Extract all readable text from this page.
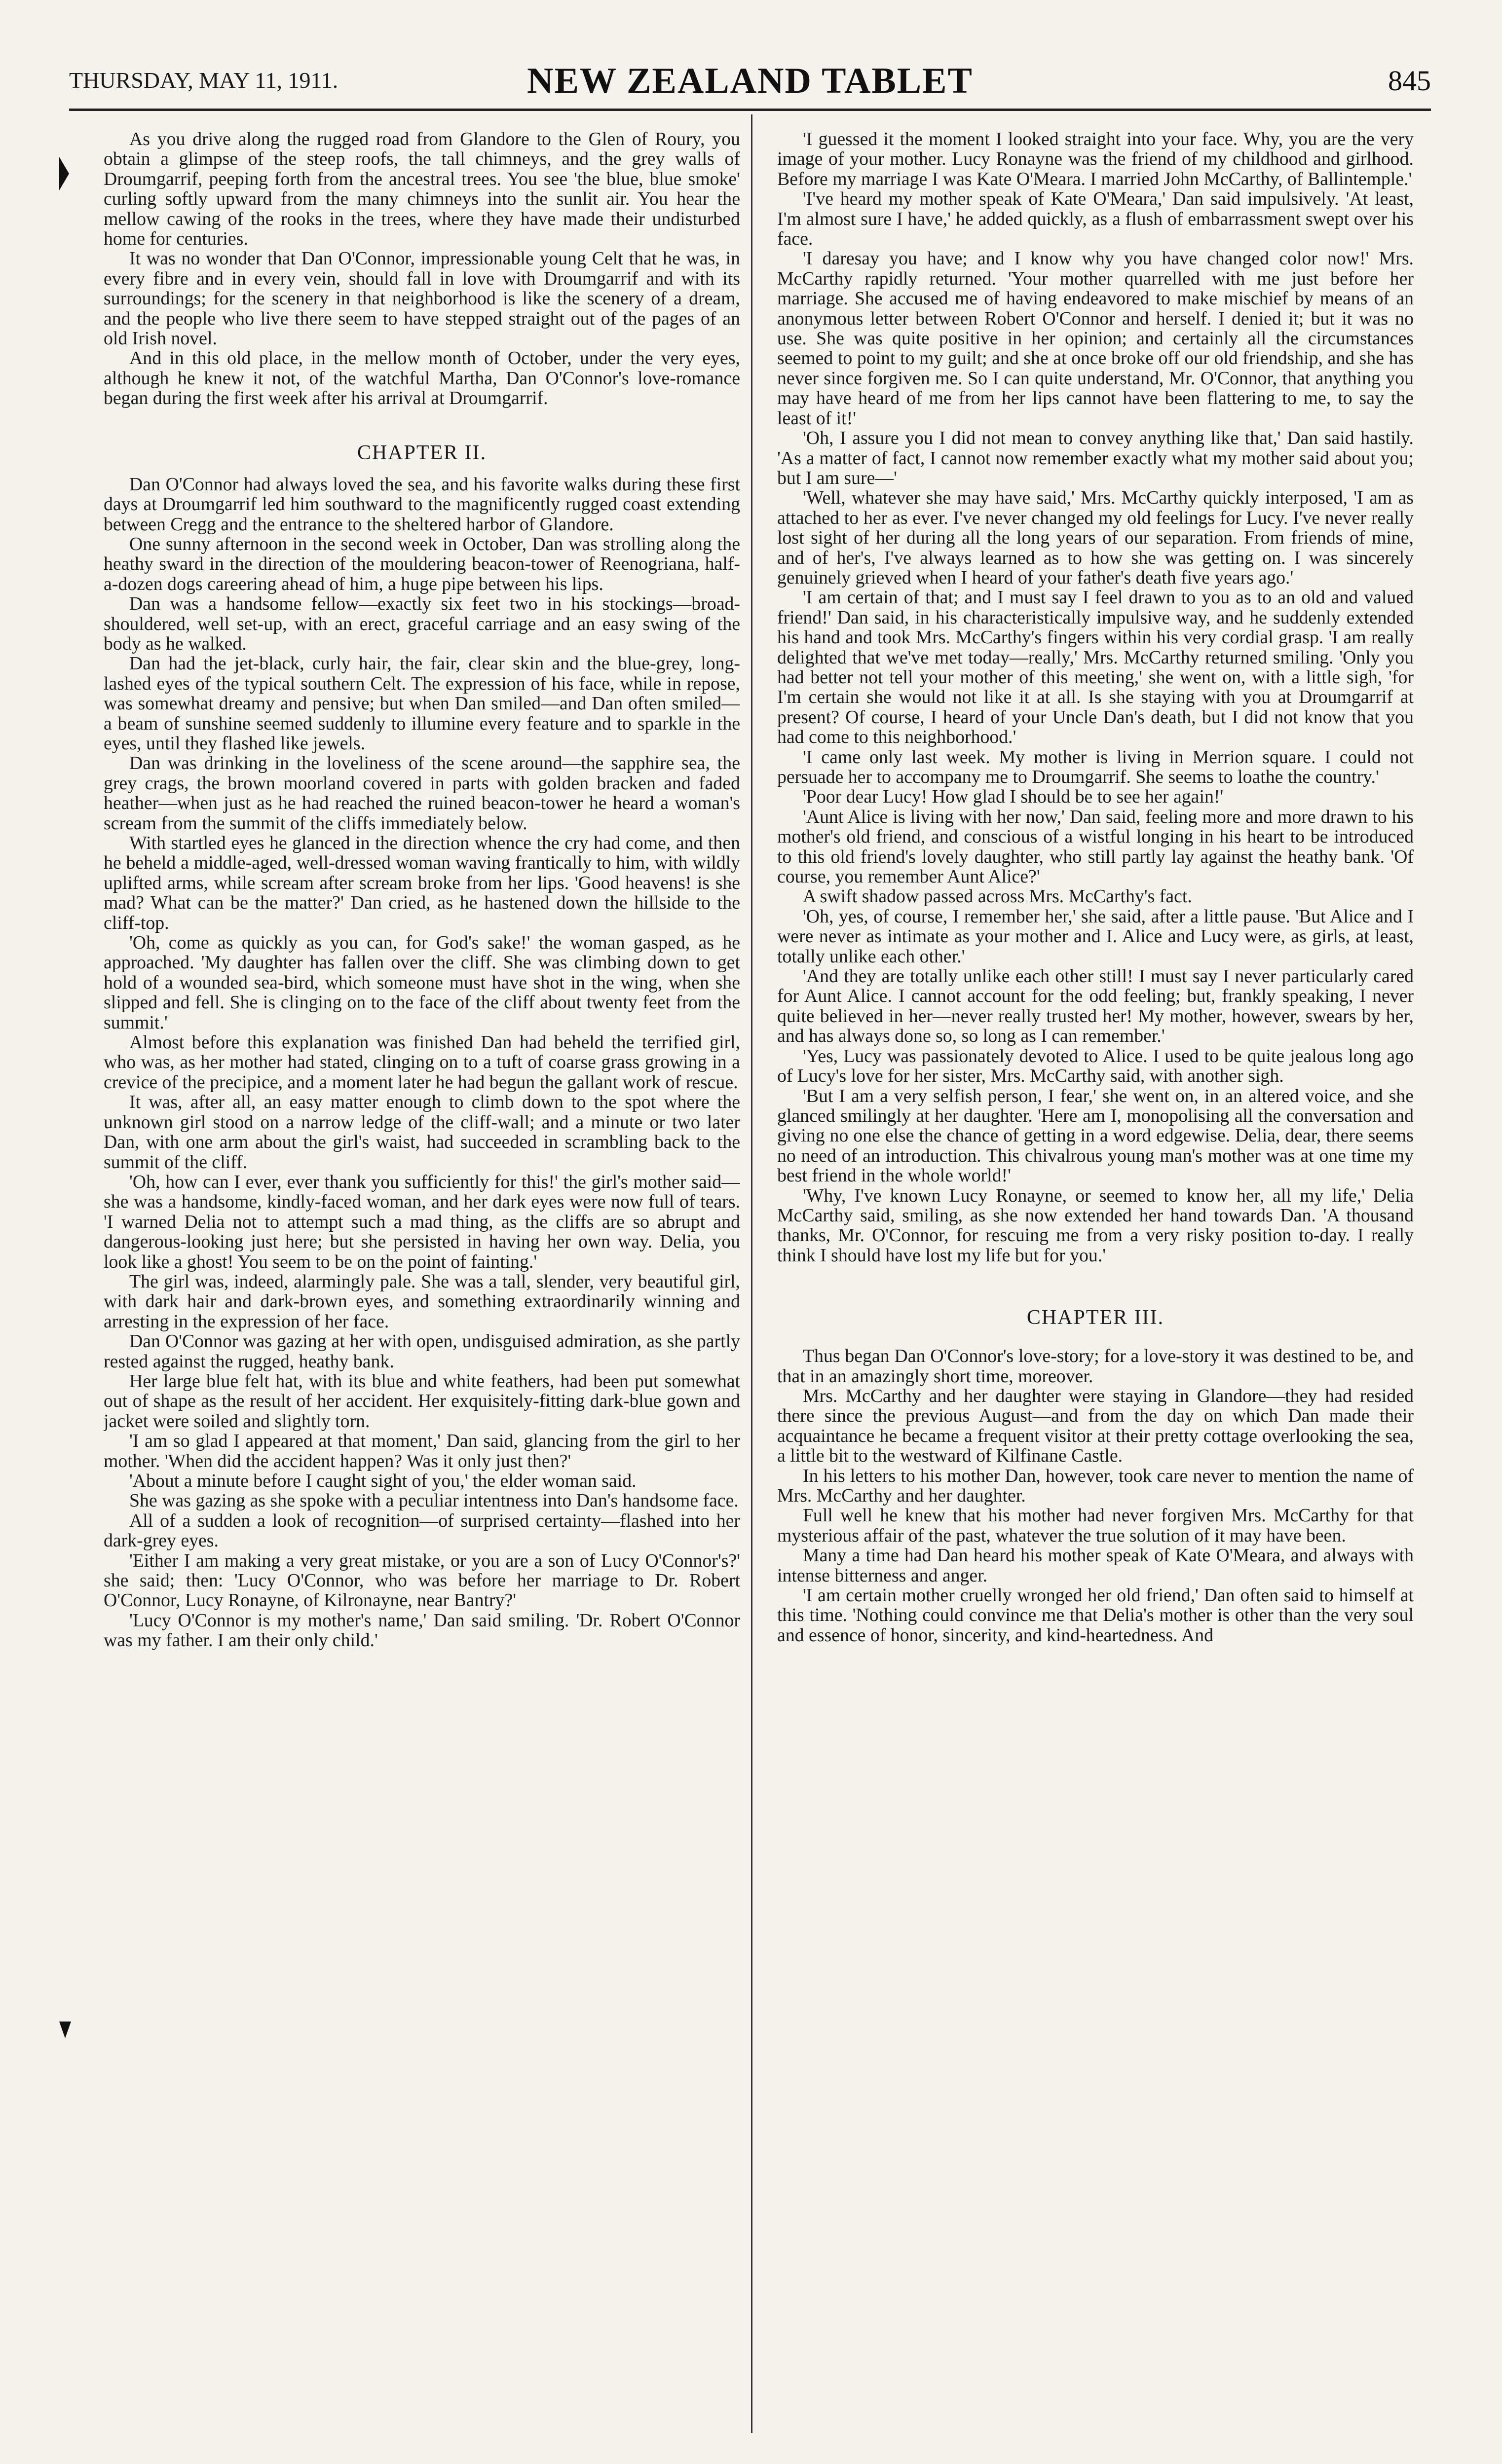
THURSDAY, MAY 11, 1911.	NEW ZEALAND TABLET	845

As you drive along the rugged road from Glandore to the Glen of Roury, you obtain a glimpse of the steep roofs, the tall chimneys, and the grey walls of Droumgarrif, peeping forth from the ancestral trees. You see 'the blue, blue smoke' curling softly upward from the many chimneys into the sunlit air. You hear the mellow cawing of the rooks in the trees, where they have made their undisturbed home for centuries.

It was no wonder that Dan O'Connor, impressionable young Celt that he was, in every fibre and in every vein, should fall in love with Droumgarrif and with its surroundings; for the scenery in that neighborhood is like the scenery of a dream, and the people who live there seem to have stepped straight out of the pages of an old Irish novel.

And in this old place, in the mellow month of October, under the very eyes, although he knew it not, of the watchful Martha, Dan O'Connor's love-romance began during the first week after his arrival at Droumgarrif.

CHAPTER II.

Dan O'Connor had always loved the sea, and his favorite walks during these first days at Droumgarrif led him southward to the magnificently rugged coast extending between Cregg and the entrance to the sheltered harbor of Glandore.

One sunny afternoon in the second week in October, Dan was strolling along the heathy sward in the direction of the mouldering beacon-tower of Reenogriana, half-a-dozen dogs careering ahead of him, a huge pipe between his lips.

Dan was a handsome fellow—exactly six feet two in his stockings—broad-shouldered, well set-up, with an erect, graceful carriage and an easy swing of the body as he walked.

Dan had the jet-black, curly hair, the fair, clear skin and the blue-grey, long-lashed eyes of the typical southern Celt. The expression of his face, while in repose, was somewhat dreamy and pensive; but when Dan smiled—and Dan often smiled—a beam of sunshine seemed suddenly to illumine every feature and to sparkle in the eyes, until they flashed like jewels.

Dan was drinking in the loveliness of the scene around—the sapphire sea, the grey crags, the brown moorland covered in parts with golden bracken and faded heather—when just as he had reached the ruined beacon-tower he heard a woman's scream from the summit of the cliffs immediately below.

With startled eyes he glanced in the direction whence the cry had come, and then he beheld a middle-aged, well-dressed woman waving frantically to him, with wildly uplifted arms, while scream after scream broke from her lips. 'Good heavens! is she mad? What can be the matter?' Dan cried, as he hastened down the hillside to the cliff-top.

'Oh, come as quickly as you can, for God's sake!' the woman gasped, as he approached. 'My daughter has fallen over the cliff. She was climbing down to get hold of a wounded sea-bird, which someone must have shot in the wing, when she slipped and fell. She is clinging on to the face of the cliff about twenty feet from the summit.'

Almost before this explanation was finished Dan had beheld the terrified girl, who was, as her mother had stated, clinging on to a tuft of coarse grass growing in a crevice of the precipice, and a moment later he had begun the gallant work of rescue.

It was, after all, an easy matter enough to climb down to the spot where the unknown girl stood on a narrow ledge of the cliff-wall; and a minute or two later Dan, with one arm about the girl's waist, had succeeded in scrambling back to the summit of the cliff.

'Oh, how can I ever, ever thank you sufficiently for this!' the girl's mother said—she was a handsome, kindly-faced woman, and her dark eyes were now full of tears. 'I warned Delia not to attempt such a mad thing, as the cliffs are so abrupt and dangerous-looking just here; but she persisted in having her own way. Delia, you look like a ghost! You seem to be on the point of fainting.'

The girl was, indeed, alarmingly pale. She was a tall, slender, very beautiful girl, with dark hair and dark-brown eyes, and something extraordinarily winning and arresting in the expression of her face.

Dan O'Connor was gazing at her with open, undisguised admiration, as she partly rested against the rugged, heathy bank.

Her large blue felt hat, with its blue and white feathers, had been put somewhat out of shape as the result of her accident. Her exquisitely-fitting dark-blue gown and jacket were soiled and slightly torn.

'I am so glad I appeared at that moment,' Dan said, glancing from the girl to her mother. 'When did the accident happen? Was it only just then?'

'About a minute before I caught sight of you,' the elder woman said.

She was gazing as she spoke with a peculiar intentness into Dan's handsome face.

All of a sudden a look of recognition—of surprised certainty—flashed into her dark-grey eyes.

'Either I am making a very great mistake, or you are a son of Lucy O'Connor's?' she said; then: 'Lucy O'Connor, who was before her marriage to Dr. Robert O'Connor, Lucy Ronayne, of Kilronayne, near Bantry?'

'Lucy O'Connor is my mother's name,' Dan said smiling. 'Dr. Robert O'Connor was my father. I am their only child.'

'I guessed it the moment I looked straight into your face. Why, you are the very image of your mother. Lucy Ronayne was the friend of my childhood and girlhood. Before my marriage I was Kate O'Meara. I married John McCarthy, of Ballintemple.'

'I've heard my mother speak of Kate O'Meara,' Dan said impulsively. 'At least, I'm almost sure I have,' he added quickly, as a flush of embarrassment swept over his face.

'I daresay you have; and I know why you have changed color now!' Mrs. McCarthy rapidly returned. 'Your mother quarrelled with me just before her marriage. She accused me of having endeavored to make mischief by means of an anonymous letter between Robert O'Connor and herself. I denied it; but it was no use. She was quite positive in her opinion; and certainly all the circumstances seemed to point to my guilt; and she at once broke off our old friendship, and she has never since forgiven me. So I can quite understand, Mr. O'Connor, that anything you may have heard of me from her lips cannot have been flattering to me, to say the least of it!'

'Oh, I assure you I did not mean to convey anything like that,' Dan said hastily. 'As a matter of fact, I cannot now remember exactly what my mother said about you; but I am sure—'

'Well, whatever she may have said,' Mrs. McCarthy quickly interposed, 'I am as attached to her as ever. I've never changed my old feelings for Lucy. I've never really lost sight of her during all the long years of our separation. From friends of mine, and of her's, I've always learned as to how she was getting on. I was sincerely genuinely grieved when I heard of your father's death five years ago.'

'I am certain of that; and I must say I feel drawn to you as to an old and valued friend!' Dan said, in his characteristically impulsive way, and he suddenly extended his hand and took Mrs. McCarthy's fingers within his very cordial grasp. 'I am really delighted that we've met today—really,' Mrs. McCarthy returned smiling. 'Only you had better not tell your mother of this meeting,' she went on, with a little sigh, 'for I'm certain she would not like it at all. Is she staying with you at Droumgarrif at present? Of course, I heard of your Uncle Dan's death, but I did not know that you had come to this neighborhood.'

'I came only last week. My mother is living in Merrion square. I could not persuade her to accompany me to Droumgarrif. She seems to loathe the country.'

'Poor dear Lucy! How glad I should be to see her again!'

'Aunt Alice is living with her now,' Dan said, feeling more and more drawn to his mother's old friend, and conscious of a wistful longing in his heart to be introduced to this old friend's lovely daughter, who still partly lay against the heathy bank. 'Of course, you remember Aunt Alice?'

A swift shadow passed across Mrs. McCarthy's fact.

'Oh, yes, of course, I remember her,' she said, after a little pause. 'But Alice and I were never as intimate as your mother and I. Alice and Lucy were, as girls, at least, totally unlike each other.'

'And they are totally unlike each other still! I must say I never particularly cared for Aunt Alice. I cannot account for the odd feeling; but, frankly speaking, I never quite believed in her—never really trusted her! My mother, however, swears by her, and has always done so, so long as I can remember.'

'Yes, Lucy was passionately devoted to Alice. I used to be quite jealous long ago of Lucy's love for her sister, Mrs. McCarthy said, with another sigh.

'But I am a very selfish person, I fear,' she went on, in an altered voice, and she glanced smilingly at her daughter. 'Here am I, monopolising all the conversation and giving no one else the chance of getting in a word edgewise. Delia, dear, there seems no need of an introduction. This chivalrous young man's mother was at one time my best friend in the whole world!'

'Why, I've known Lucy Ronayne, or seemed to know her, all my life,' Delia McCarthy said, smiling, as she now extended her hand towards Dan. 'A thousand thanks, Mr. O'Connor, for rescuing me from a very risky position to-day. I really think I should have lost my life but for you.'

CHAPTER III.

Thus began Dan O'Connor's love-story; for a love-story it was destined to be, and that in an amazingly short time, moreover.

Mrs. McCarthy and her daughter were staying in Glandore—they had resided there since the previous August—and from the day on which Dan made their acquaintance he became a frequent visitor at their pretty cottage overlooking the sea, a little bit to the westward of Kilfinane Castle.

In his letters to his mother Dan, however, took care never to mention the name of Mrs. McCarthy and her daughter.

Full well he knew that his mother had never forgiven Mrs. McCarthy for that mysterious affair of the past, whatever the true solution of it may have been.

Many a time had Dan heard his mother speak of Kate O'Meara, and always with intense bitterness and anger.

'I am certain mother cruelly wronged her old friend,' Dan often said to himself at this time. 'Nothing could convince me that Delia's mother is other than the very soul and essence of honor, sincerity, and kind-heartedness. And
